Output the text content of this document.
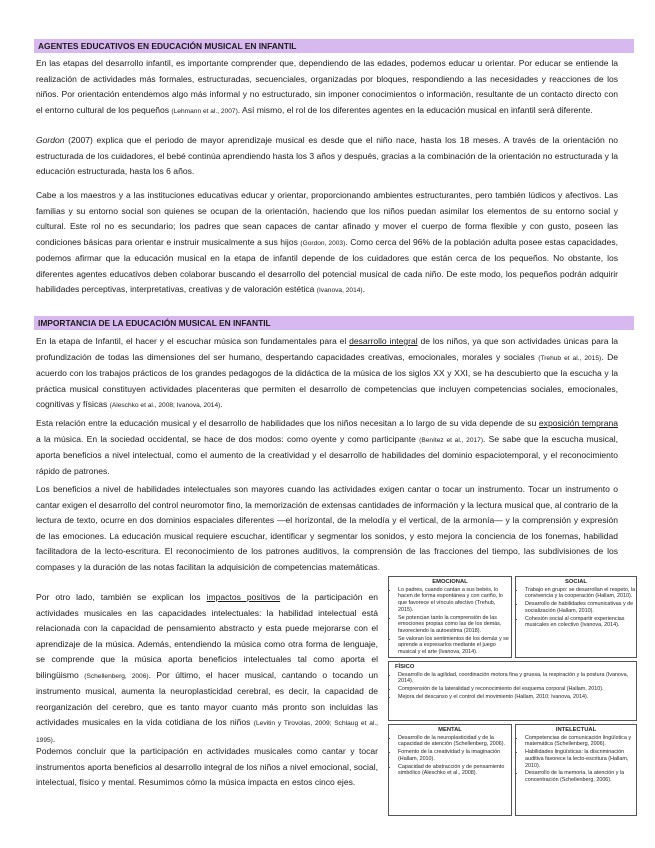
AGENTES EDUCATIVOS EN EDUCACIÓN MUSICAL EN INFANTIL

En las etapas del desarrollo infantil, es importante comprender que, dependiendo de las edades, podemos educar u orientar. Por educar se entiende la realización de actividades más formales, estructuradas, secuenciales, organizadas por bloques, respondiendo a las necesidades y reacciones de los niños. Por orientación entendemos algo más informal y no estructurado, sin imponer conocimientos o información, resultante de un contacto directo con el entorno cultural de los pequeños (Lehmann et al., 2007). Así mismo, el rol de los diferentes agentes en la educación musical en infantil será diferente.

Gordon (2007) explica que el periodo de mayor aprendizaje musical es desde que el niño nace, hasta los 18 meses. A través de la orientación no estructurada de los cuidadores, el bebé continúa aprendiendo hasta los 3 años y después, gracias a la combinación de la orientación no estructurada y la educación estructurada, hasta los 6 años.

Cabe a los maestros y a las instituciones educativas educar y orientar, proporcionando ambientes estructurantes, pero también lúdicos y afectivos. Las familias y su entorno social son quienes se ocupan de la orientación, haciendo que los niños puedan asimilar los elementos de su entorno social y cultural. Este rol no es secundario; los padres que sean capaces de cantar afinado y mover el cuerpo de forma flexible y con gusto, poseen las condiciones básicas para orientar e instruir musicalmente a sus hijos (Gordon, 2003). Como cerca del 96% de la población adulta posee estas capacidades, podemos afirmar que la educación musical en la etapa de infantil depende de los cuidadores que están cerca de los pequeños. No obstante, los diferentes agentes educativos deben colaborar buscando el desarrollo del potencial musical de cada niño. De este modo, los pequeños podrán adquirir habilidades perceptivas, interpretativas, creativas y de valoración estética (Ivanova, 2014).

IMPORTANCIA DE LA EDUCACIÓN MUSICAL EN INFANTIL

En la etapa de Infantil, el hacer y el escuchar música son fundamentales para el desarrollo integral de los niños, ya que son actividades únicas para la profundización de todas las dimensiones del ser humano, despertando capacidades creativas, emocionales, morales y sociales (Trehub et al., 2015). De acuerdo con los trabajos prácticos de los grandes pedagogos de la didáctica de la música de los siglos XX y XXI, se ha descubierto que la escucha y la práctica musical constituyen actividades placenteras que permiten el desarrollo de competencias que incluyen competencias sociales, emocionales, cognitivas y físicas (Aleschko et al., 2008; Ivanova, 2014).

Esta relación entre la educación musical y el desarrollo de habilidades que los niños necesitan a lo largo de su vida depende de su exposición temprana a la música. En la sociedad occidental, se hace de dos modos: como oyente y como participante (Benítez et al., 2017). Se sabe que la escucha musical, aporta beneficios a nivel intelectual, como el aumento de la creatividad y el desarrollo de habilidades del dominio espaciotemporal, y el reconocimiento rápido de patrones.

Los beneficios a nivel de habilidades intelectuales son mayores cuando las actividades exigen cantar o tocar un instrumento. Tocar un instrumento o cantar exigen el desarrollo del control neuromotor fino, la memorización de extensas cantidades de información y la lectura musical que, al contrario de la lectura de texto, ocurre en dos dominios espaciales diferentes —el horizontal, de la melodía y el vertical, de la armonía— y la comprensión y expresión de las emociones. La educación musical requiere escuchar, identificar y segmentar los sonidos, y esto mejora la conciencia de los fonemas, habilidad facilitadora de la lecto-escritura. El reconocimiento de los patrones auditivos, la comprensión de las fracciones del tiempo, las subdivisiones de los compases y la duración de las notas facilitan la adquisición de competencias matemáticas.

Por otro lado, también se explican los impactos positivos de la participación en actividades musicales en las capacidades intelectuales: la habilidad intelectual está relacionada con la capacidad de pensamiento abstracto y esta puede mejorarse con el aprendizaje de la música. Además, entendiendo la música como otra forma de lenguaje, se comprende que la música aporta beneficios intelectuales tal como aporta el bilingüismo (Schellenberg, 2006). Por último, el hacer musical, cantando o tocando un instrumento musical, aumenta la neuroplasticidad cerebral, es decir, la capacidad de reorganización del cerebro, que es tanto mayor cuanto más pronto son incluidas las actividades musicales en la vida cotidiana de los niños (Levitin y Tirovolas, 2009; Schlaug et al., 1995).

Podemos concluir que la participación en actividades musicales como cantar y tocar instrumentos aporta beneficios al desarrollo integral de los niños a nivel emocional, social, intelectual, físico y mental. Resumimos cómo la música impacta en estos cinco ejes.

EMOCIONAL
• Lo padres, cuando cantan a sus bebés, lo hacen de forma espontánea y con cariño, lo que favorece el vínculo afectivo (Trehub, 2015).
• Se potencian tanto la comprensión de las emociones propias como las de los demás, favoreciendo la autoestima (2018).
• Se valoran los sentimientos de los demás y se aprende a expresarlos mediante el juego musical y el arte (Ivanova, 2014).
SOCIAL
• Trabajo en grupo: se desarrollan el respeto, la convivencia y la cooperación (Hallam, 2010).
• Desarrollo de habilidades comunicativas y de socialización (Hallam, 2010).
• Cohesión social al compartir experiencias musicales en colectivo (Ivanova, 2014).
FÍSICO
• Desarrollo de la agilidad, coordinación motora fina y gruesa, la respiración y la postura (Ivanova, 2014).
• Comprensión de la lateralidad y reconocimiento del esquema corporal (Hallam, 2010).
• Mejora del descanso y el control del movimiento (Hallam, 2010; Ivanova, 2014).
MENTAL
• Desarrollo de la neuroplasticidad y de la capacidad de atención (Schellenberg, 2006).
• Fomento de la creatividad y la imaginación (Hallam, 2010).
• Capacidad de abstracción y de pensamiento simbólico (Aleschko et al., 2008).
INTELECTUAL
• Competencias de comunicación lingüística y matemática (Schellenberg, 2006).
• Habilidades lingüísticas: la discriminación auditiva favorece la lecto-escritura (Hallam, 2010).
• Desarrollo de la memoria, la atención y la concentración (Schellenberg, 2006).
